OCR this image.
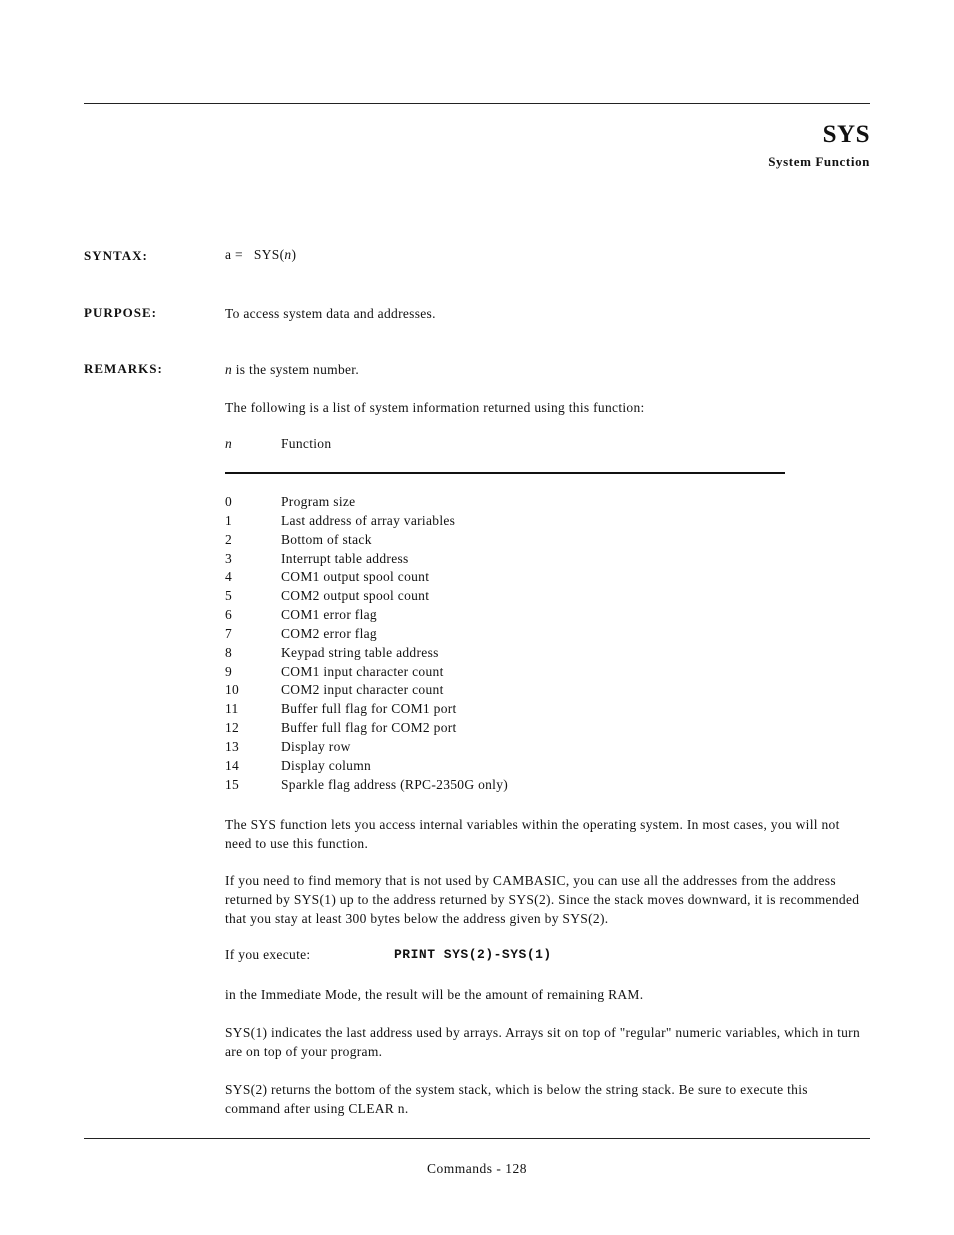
SYS
System Function
SYNTAX:	a =   SYS(n)
PURPOSE:	To access system data and addresses.
REMARKS:	n is the system number.
The following is a list of system information returned using this function:
n	Function
0	Program size
1	Last address of array variables
2	Bottom of stack
3	Interrupt table address
4	COM1 output spool count
5	COM2 output spool count
6	COM1 error flag
7	COM2 error flag
8	Keypad string table address
9	COM1 input character count
10	COM2 input character count
11	Buffer full flag for COM1 port
12	Buffer full flag for COM2 port
13	Display row
14	Display column
15	Sparkle flag address (RPC-2350G only)
The SYS function lets you access internal variables within the operating system. In most cases, you will not need to use this function.
If you need to find memory that is not used by CAMBASIC, you can use all the addresses from the address returned by SYS(1) up to the address returned by SYS(2). Since the stack moves downward, it is recommended that you stay at least 300 bytes below the address given by SYS(2).
If you execute:	PRINT SYS(2)-SYS(1)
in the Immediate Mode, the result will be the amount of remaining RAM.
SYS(1) indicates the last address used by arrays. Arrays sit on top of "regular" numeric variables, which in turn are on top of your program.
SYS(2) returns the bottom of the system stack, which is below the string stack. Be sure to execute this command after using CLEAR n.
Commands - 128
